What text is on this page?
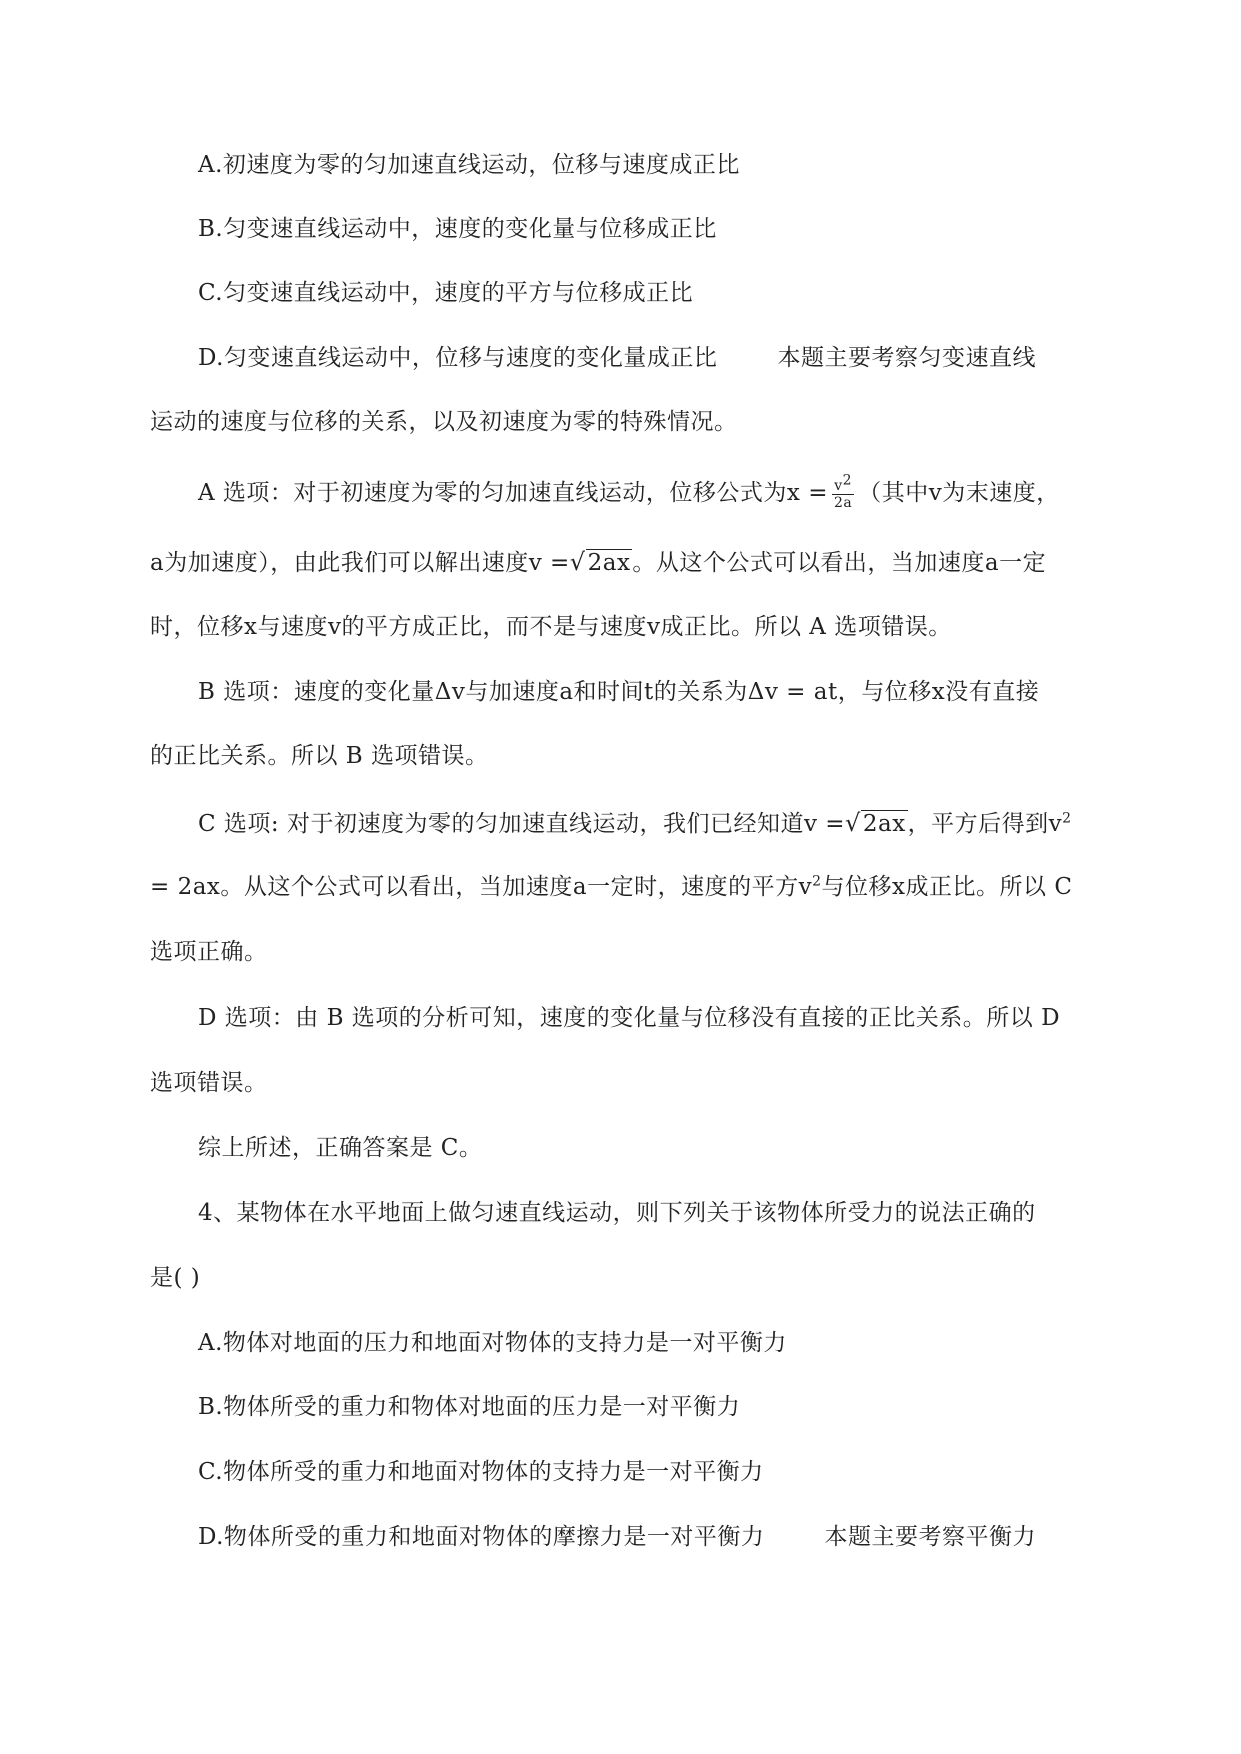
A.初速度为零的匀加速直线运动，位移与速度成正比
B.匀变速直线运动中，速度的变化量与位移成正比
C.匀变速直线运动中，速度的平方与位移成正比
D.匀变速直线运动中，位移与速度的变化量成正比	本题主要考察匀变速直线
运动的速度与位移的关系，以及初速度为零的特殊情况。
A 选项：对于初速度为零的匀加速直线运动，位移公式为$x = \frac{v^2}{2a}$ （其中v为末速度，
a为加速度），由此我们可以解出速度v =√2ax。从这个公式可以看出，当加速度a一定
时，位移x与速度v的平方成正比，而不是与速度v成正比。所以 A 选项错误。
B 选项：速度的变化量Δv与加速度a和时间t的关系为Δv = at，与位移x没有直接
的正比关系。所以 B 选项错误。
C 选项: 对于初速度为零的匀加速直线运动，我们已经知道v =√2ax，平方后得到$v^2$
= 2ax。从这个公式可以看出，当加速度a一定时，速度的平方$v^2$与位移x成正比。所以 C
选项正确。
D 选项：由 B 选项的分析可知，速度的变化量与位移没有直接的正比关系。所以 D
选项错误。
综上所述，正确答案是 C。
4、某物体在水平地面上做匀速直线运动，则下列关于该物体所受力的说法正确的
是( )
A.物体对地面的压力和地面对物体的支持力是一对平衡力
B.物体所受的重力和物体对地面的压力是一对平衡力
C.物体所受的重力和地面对物体的支持力是一对平衡力
D.物体所受的重力和地面对物体的摩擦力是一对平衡力	本题主要考察平衡力
